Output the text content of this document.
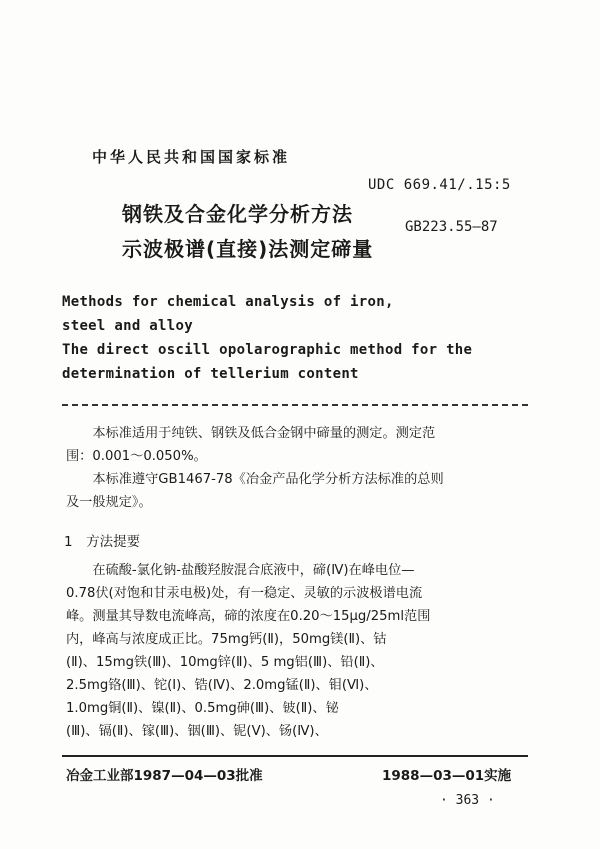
中华人民共和国国家标准
UDC 669.41/.15:5
GB223.55—87
钢铁及合金化学分析方法
示波极谱(直接)法测定碲量
Methods for chemical analysis of iron,
steel and alloy
The direct oscill opolarographic method for the
determination of tellerium content
　　本标准适用于纯铁、钢铁及低合金钢中碲量的测定。测定范
围：0.001～0.050%。
　　本标准遵守GB1467-78《冶金产品化学分析方法标准的总则
及一般规定》。
1　方法提要
　　在硫酸-氯化钠-盐酸羟胺混合底液中，碲(Ⅳ)在峰电位—
0.78伏(对饱和甘汞电极)处，有一稳定、灵敏的示波极谱电流
峰。测量其导数电流峰高，碲的浓度在0.20～15μg/25ml范围
内，峰高与浓度成正比。75mg钙(Ⅱ)，50mg镁(Ⅱ)、钴
(Ⅱ)、15mg铁(Ⅲ)、10mg锌(Ⅱ)、5 mg铝(Ⅲ)、铅(Ⅱ)、
2.5mg铬(Ⅲ)、铊(Ⅰ)、锆(Ⅳ)、2.0mg锰(Ⅱ)、钼(Ⅵ)、
1.0mg铜(Ⅱ)、镍(Ⅱ)、0.5mg砷(Ⅲ)、铍(Ⅱ)、铋
(Ⅲ)、镉(Ⅱ)、镓(Ⅲ)、铟(Ⅲ)、铌(Ⅴ)、钖(Ⅳ)、
冶金工业部1987—04—03批准	1988—03—01实施
· 363 ·
